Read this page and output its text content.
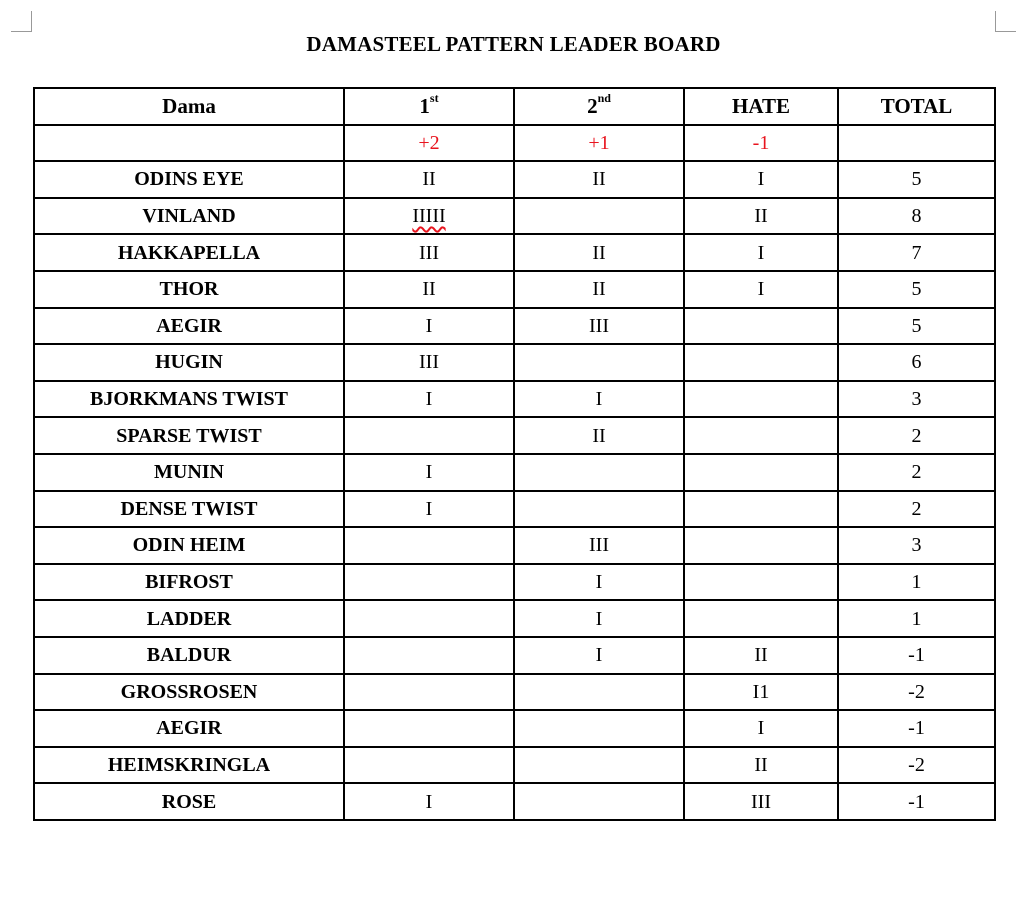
DAMASTEEL PATTERN LEADER BOARD
Dama	1st	2nd	HATE	TOTAL
	+2	+1	-1	
ODINS EYE	II	II	I	5
VINLAND	IIIII		II	8
HAKKAPELLA	III	II	I	7
THOR	II	II	I	5
AEGIR	I	III		5
HUGIN	III			6
BJORKMANS TWIST	I	I		3
SPARSE TWIST		II		2
MUNIN	I			2
DENSE TWIST	I			2
ODIN HEIM		III		3
BIFROST		I		1
LADDER		I		1
BALDUR		I	II	-1
GROSSROSEN			I1	-2
AEGIR			I	-1
HEIMSKRINGLA			II	-2
ROSE	I		III	-1
